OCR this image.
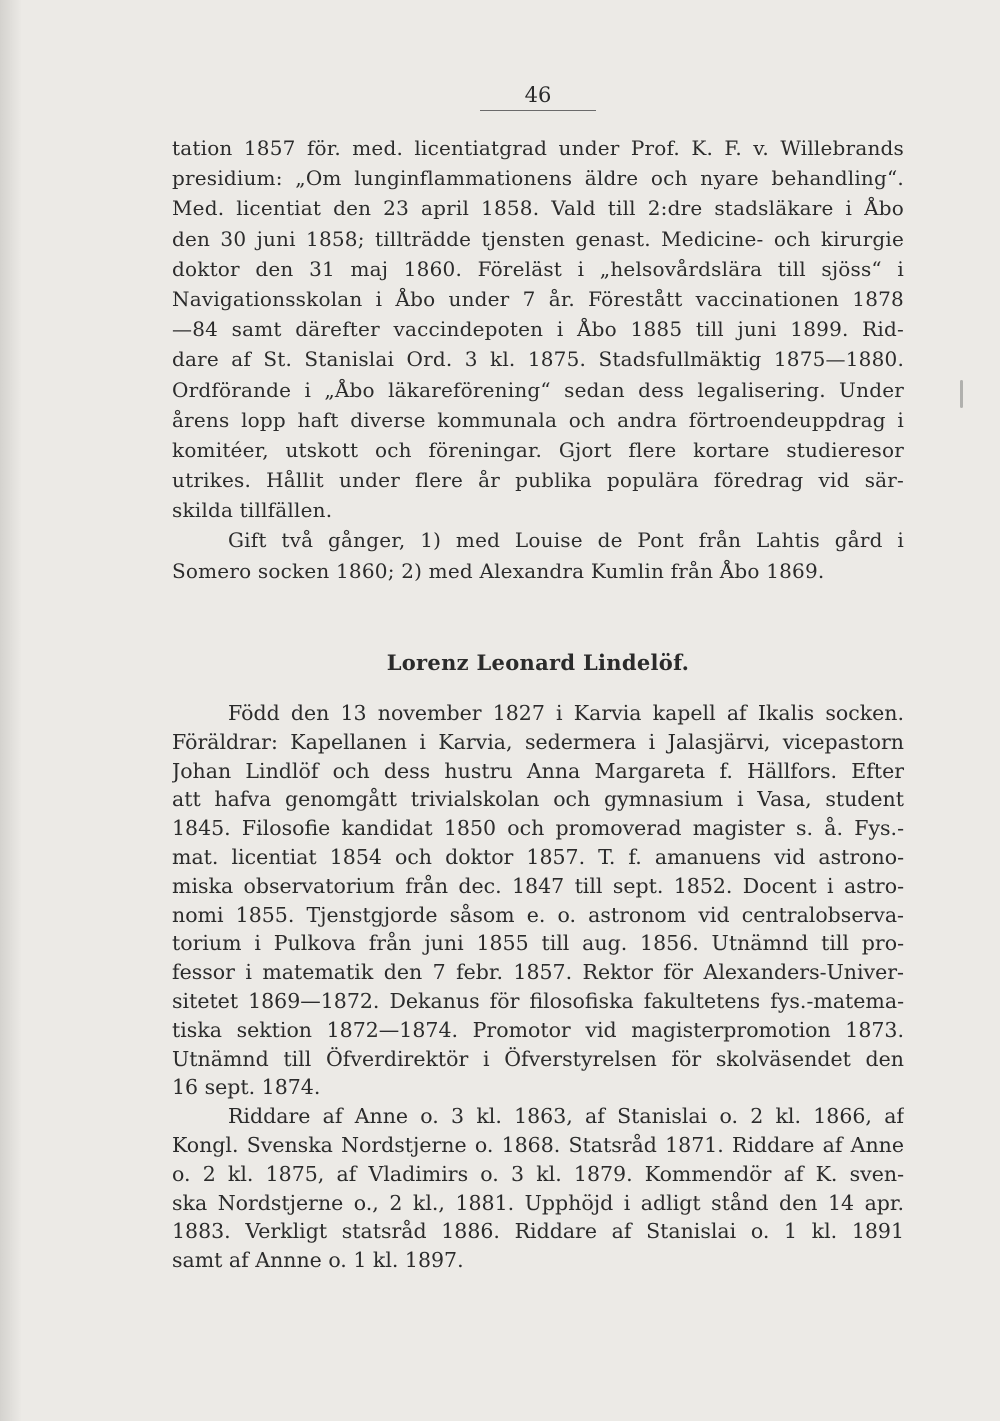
46
tation 1857 för. med. licentiatgrad under Prof. K. F. v. Willebrands
presidium: „Om lunginflammationens äldre och nyare behandling“.
Med. licentiat den 23 april 1858. Vald till 2:dre stadsläkare i Åbo
den 30 juni 1858; tillträdde tjensten genast. Medicine- och kirurgie
doktor den 31 maj 1860. Föreläst i „helsovårdslära till sjöss“ i
Navigationsskolan i Åbo under 7 år. Förestått vaccinationen 1878
—84 samt därefter vaccindepoten i Åbo 1885 till juni 1899. Rid-
dare af St. Stanislai Ord. 3 kl. 1875. Stadsfullmäktig 1875—1880.
Ordförande i „Åbo läkareförening“ sedan dess legalisering. Under
årens lopp haft diverse kommunala och andra förtroendeuppdrag i
komitéer, utskott och föreningar. Gjort flere kortare studieresor
utrikes. Hållit under flere år publika populära föredrag vid sär-
skilda tillfällen.
Gift två gånger, 1) med Louise de Pont från Lahtis gård i
Somero socken 1860; 2) med Alexandra Kumlin från Åbo 1869.
Lorenz Leonard Lindelöf.
Född den 13 november 1827 i Karvia kapell af Ikalis socken.
Föräldrar: Kapellanen i Karvia, sedermera i Jalasjärvi, vicepastorn
Johan Lindlöf och dess hustru Anna Margareta f. Hällfors. Efter
att hafva genomgått trivialskolan och gymnasium i Vasa, student
1845. Filosofie kandidat 1850 och promoverad magister s. å. Fys.-
mat. licentiat 1854 och doktor 1857. T. f. amanuens vid astrono-
miska observatorium från dec. 1847 till sept. 1852. Docent i astro-
nomi 1855. Tjenstgjorde såsom e. o. astronom vid centralobserva-
torium i Pulkova från juni 1855 till aug. 1856. Utnämnd till pro-
fessor i matematik den 7 febr. 1857. Rektor för Alexanders-Univer-
sitetet 1869—1872. Dekanus för filosofiska fakultetens fys.-matema-
tiska sektion 1872—1874. Promotor vid magisterpromotion 1873.
Utnämnd till Öfverdirektör i Öfverstyrelsen för skolväsendet den
16 sept. 1874.
Riddare af Anne o. 3 kl. 1863, af Stanislai o. 2 kl. 1866, af
Kongl. Svenska Nordstjerne o. 1868. Statsråd 1871. Riddare af Anne
o. 2 kl. 1875, af Vladimirs o. 3 kl. 1879. Kommendör af K. sven-
ska Nordstjerne o., 2 kl., 1881. Upphöjd i adligt stånd den 14 apr.
1883. Verkligt statsråd 1886. Riddare af Stanislai o. 1 kl. 1891
samt af Annne o. 1 kl. 1897.
